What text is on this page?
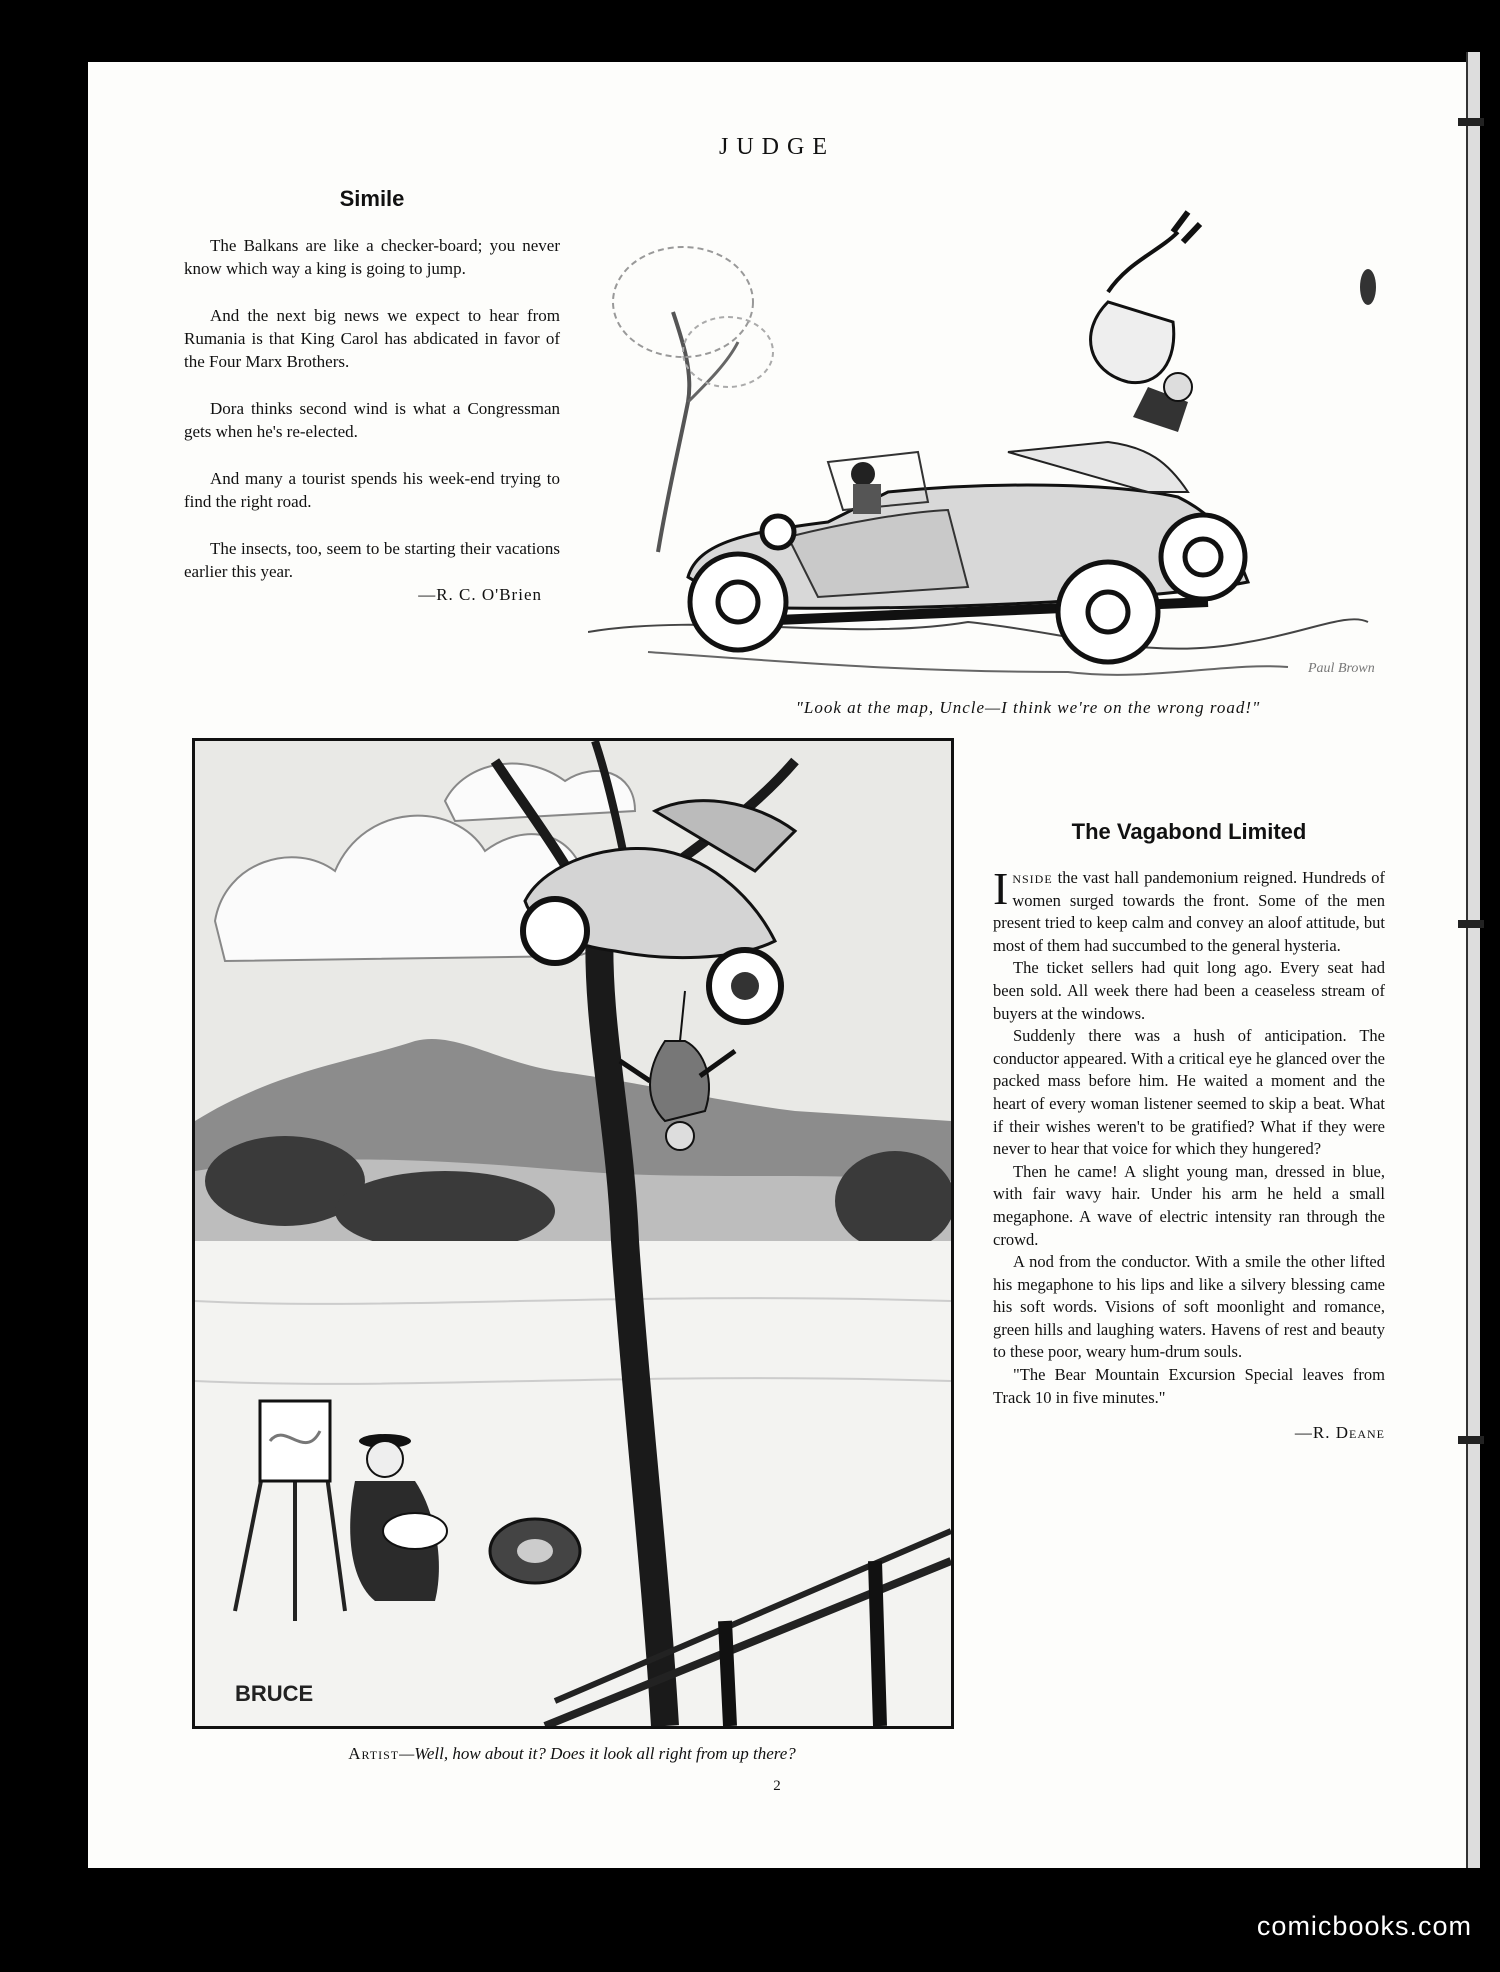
JUDGE
Simile

The Balkans are like a checker-board; you never know which way a king is going to jump.

And the next big news we expect to hear from Rumania is that King Carol has abdicated in favor of the Four Marx Brothers.

Dora thinks second wind is what a Congressman gets when he's re-elected.

And many a tourist spends his week-end trying to find the right road.

The insects, too, seem to be starting their vacations earlier this year.

—R. C. O'Brien
Paul Brown
"Look at the map, Uncle—I think we're on the wrong road!"
BRUCE
Artist—Well, how about it? Does it look all right from up there?
The Vagabond Limited

Inside the vast hall pandemonium reigned. Hundreds of women surged towards the front. Some of the men present tried to keep calm and convey an aloof attitude, but most of them had succumbed to the general hysteria.

The ticket sellers had quit long ago. Every seat had been sold. All week there had been a ceaseless stream of buyers at the windows.

Suddenly there was a hush of anticipation. The conductor appeared. With a critical eye he glanced over the packed mass before him. He waited a moment and the heart of every woman listener seemed to skip a beat. What if their wishes weren't to be gratified? What if they were never to hear that voice for which they hungered?

Then he came! A slight young man, dressed in blue, with fair wavy hair. Under his arm he held a small megaphone. A wave of electric intensity ran through the crowd.

A nod from the conductor. With a smile the other lifted his megaphone to his lips and like a silvery blessing came his soft words. Visions of soft moonlight and romance, green hills and laughing waters. Havens of rest and beauty to these poor, weary hum-drum souls.

"The Bear Mountain Excursion Special leaves from Track 10 in five minutes."

—R. Deane
2
comicbooks.com
